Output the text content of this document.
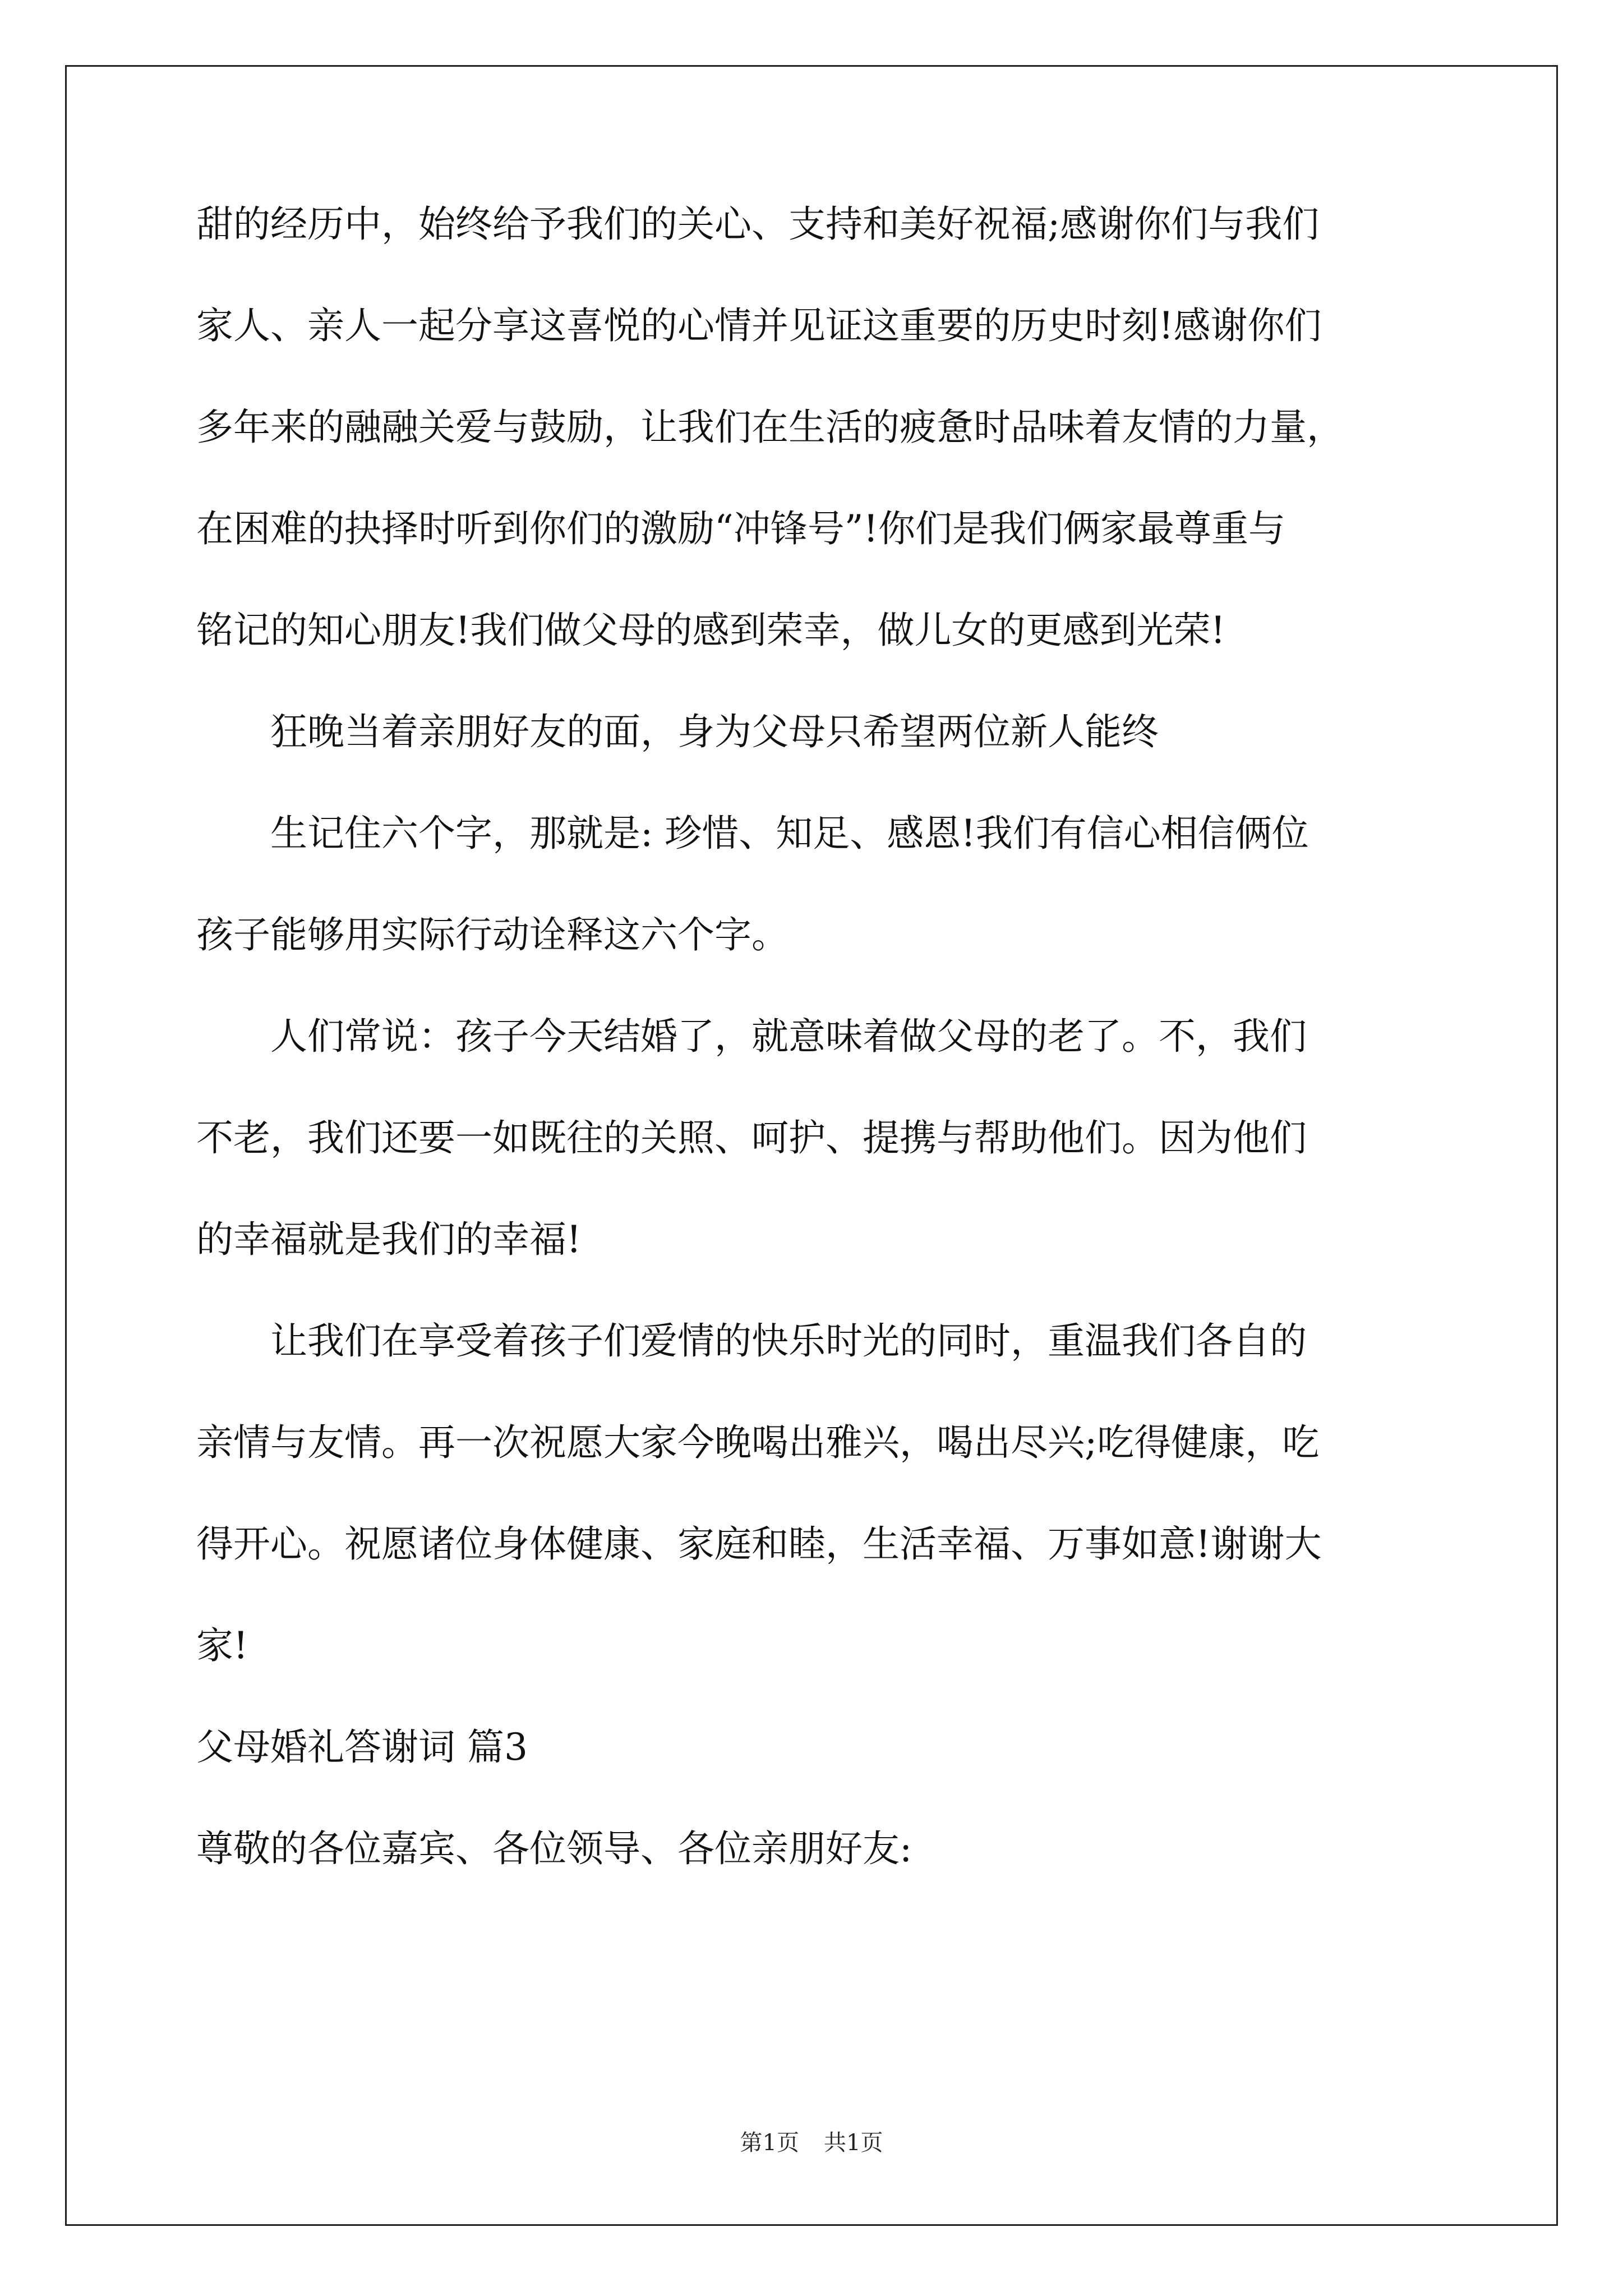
甜的经历中，始终给予我们的关心、支持和美好祝福;感谢你们与我们

家人、亲人一起分享这喜悦的心情并见证这重要的历史时刻!感谢你们

多年来的融融关爱与鼓励，让我们在生活的疲惫时品味着友情的力量，

在困难的抉择时听到你们的激励“冲锋号”!你们是我们俩家最尊重与

铭记的知心朋友!我们做父母的感到荣幸，做儿女的更感到光荣!

狂晚当着亲朋好友的面，身为父母只希望两位新人能终

生记住六个字，那就是: 珍惜、知足、感恩!我们有信心相信俩位

孩子能够用实际行动诠释这六个字。

人们常说：孩子今天结婚了，就意味着做父母的老了。不，我们

不老，我们还要一如既往的关照、呵护、提携与帮助他们。因为他们

的幸福就是我们的幸福!

让我们在享受着孩子们爱情的快乐时光的同时，重温我们各自的

亲情与友情。再一次祝愿大家今晚喝出雅兴，喝出尽兴;吃得健康，吃

得开心。祝愿诸位身体健康、家庭和睦，生活幸福、万事如意!谢谢大

家!

父母婚礼答谢词 篇3

尊敬的各位嘉宾、各位领导、各位亲朋好友:

第1页 共1页
